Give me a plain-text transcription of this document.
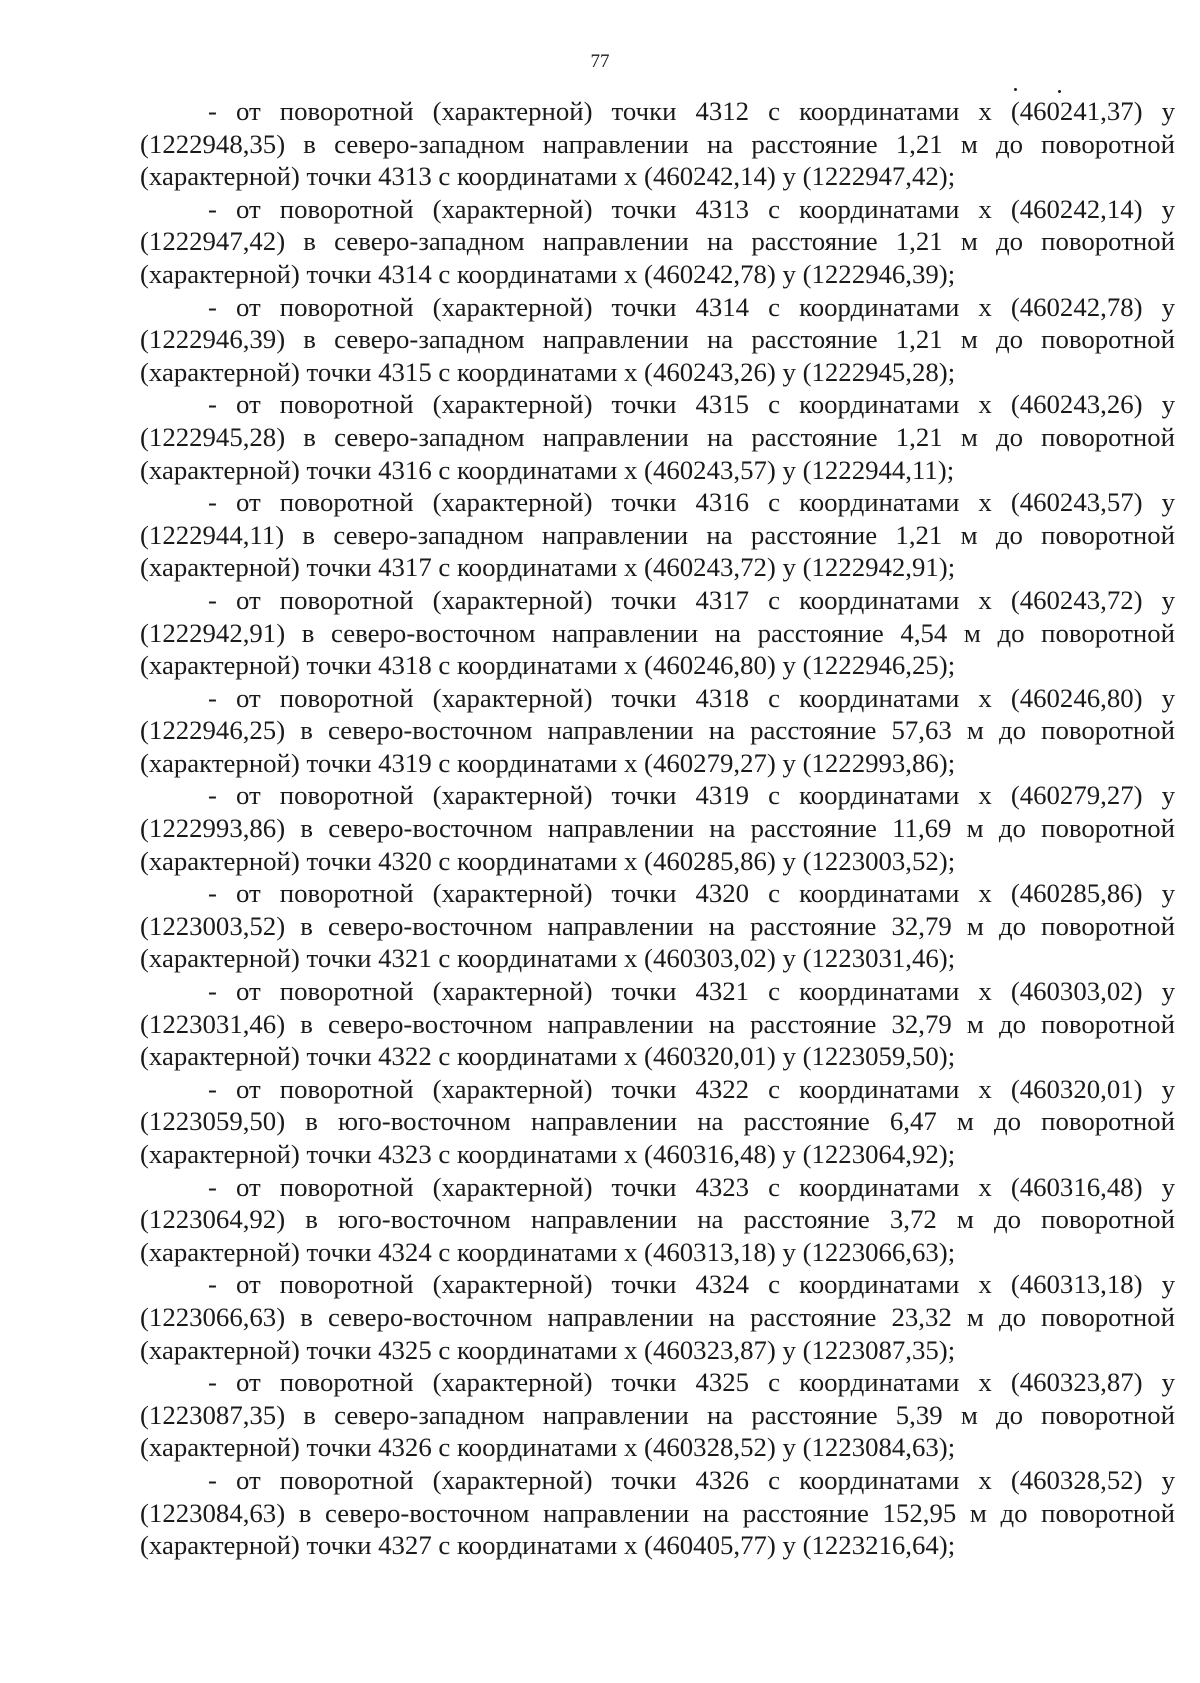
77

- от поворотной (характерной) точки 4312 с координатами х (460241,37) у (1222948,35) в северо-западном направлении на расстояние 1,21 м до поворотной (характерной) точки 4313 с координатами х (460242,14) у (1222947,42);

- от поворотной (характерной) точки 4313 с координатами х (460242,14) у (1222947,42) в северо-западном направлении на расстояние 1,21 м до поворотной (характерной) точки 4314 с координатами х (460242,78) у (1222946,39);

- от поворотной (характерной) точки 4314 с координатами х (460242,78) у (1222946,39) в северо-западном направлении на расстояние 1,21 м до поворотной (характерной) точки 4315 с координатами х (460243,26) у (1222945,28);

- от поворотной (характерной) точки 4315 с координатами х (460243,26) у (1222945,28) в северо-западном направлении на расстояние 1,21 м до поворотной (характерной) точки 4316 с координатами х (460243,57) у (1222944,11);

- от поворотной (характерной) точки 4316 с координатами х (460243,57) у (1222944,11) в северо-западном направлении на расстояние 1,21 м до поворотной (характерной) точки 4317 с координатами х (460243,72) у (1222942,91);

- от поворотной (характерной) точки 4317 с координатами х (460243,72) у (1222942,91) в северо-восточном направлении на расстояние 4,54 м до поворотной (характерной) точки 4318 с координатами х (460246,80) у (1222946,25);

- от поворотной (характерной) точки 4318 с координатами х (460246,80) у (1222946,25) в северо-восточном направлении на расстояние 57,63 м до поворотной (характерной) точки 4319 с координатами х (460279,27) у (1222993,86);

- от поворотной (характерной) точки 4319 с координатами х (460279,27) у (1222993,86) в северо-восточном направлении на расстояние 11,69 м до поворотной (характерной) точки 4320 с координатами х (460285,86) у (1223003,52);

- от поворотной (характерной) точки 4320 с координатами х (460285,86) у (1223003,52) в северо-восточном направлении на расстояние 32,79 м до поворотной (характерной) точки 4321 с координатами х (460303,02) у (1223031,46);

- от поворотной (характерной) точки 4321 с координатами х (460303,02) у (1223031,46) в северо-восточном направлении на расстояние 32,79 м до поворотной (характерной) точки 4322 с координатами х (460320,01) у (1223059,50);

- от поворотной (характерной) точки 4322 с координатами х (460320,01) у (1223059,50) в юго-восточном направлении на расстояние 6,47 м до поворотной (характерной) точки 4323 с координатами х (460316,48) у (1223064,92);

- от поворотной (характерной) точки 4323 с координатами х (460316,48) у (1223064,92) в юго-восточном направлении на расстояние 3,72 м до поворотной (характерной) точки 4324 с координатами х (460313,18) у (1223066,63);

- от поворотной (характерной) точки 4324 с координатами х (460313,18) у (1223066,63) в северо-восточном направлении на расстояние 23,32 м до поворотной (характерной) точки 4325 с координатами х (460323,87) у (1223087,35);

- от поворотной (характерной) точки 4325 с координатами х (460323,87) у (1223087,35) в северо-западном направлении на расстояние 5,39 м до поворотной (характерной) точки 4326 с координатами х (460328,52) у (1223084,63);

- от поворотной (характерной) точки 4326 с координатами х (460328,52) у (1223084,63) в северо-восточном направлении на расстояние 152,95 м до поворотной (характерной) точки 4327 с координатами х (460405,77) у (1223216,64);
